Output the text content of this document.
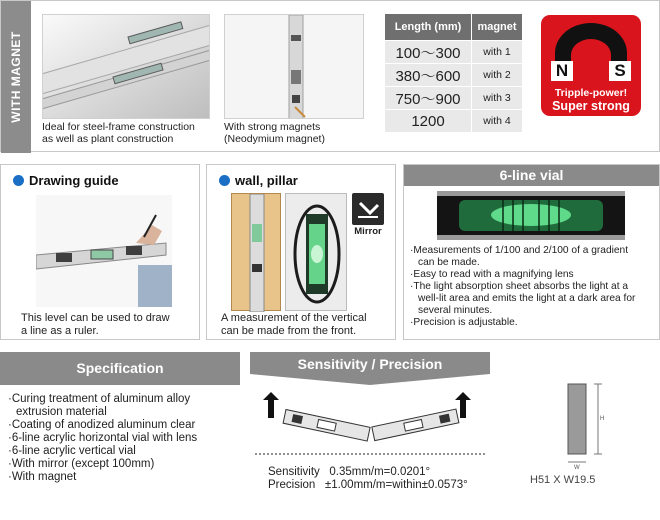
WITH MAGNET
Ideal for steel-frame construction
as well as plant construction
With strong magnets
(Neodymium magnet)
Length (mm)	magnet
100～300	with 1
380～600	with 2
750～900	with 3
1200	with 4
N	S
Tripple-power!
Super strong
Drawing guide
This level can be used to draw
a line as a ruler.
wall, pillar
Mirror
A measurement of the vertical
can be made from the front.
6-line vial
·Measurements of 1/100 and 2/100 of a gradient
can be made.
·Easy to read with a magnifying lens
·The light absorption sheet absorbs the light at a
well-lit area and emits the light at a dark area for
several minutes.
·Precision is adjustable.
Specification
·Curing treatment of aluminum alloy
extrusion material
·Coating of anodized aluminum clear
·6-line acrylic horizontal vial with lens
·6-line acrylic vertical vial
·With mirror (except 100mm)
·With magnet
Sensitivity / Precision
Sensitivity   0.35mm/m=0.0201°
Precision   ±1.00mm/m=within±0.0573°
H
W
H51 X W19.5
